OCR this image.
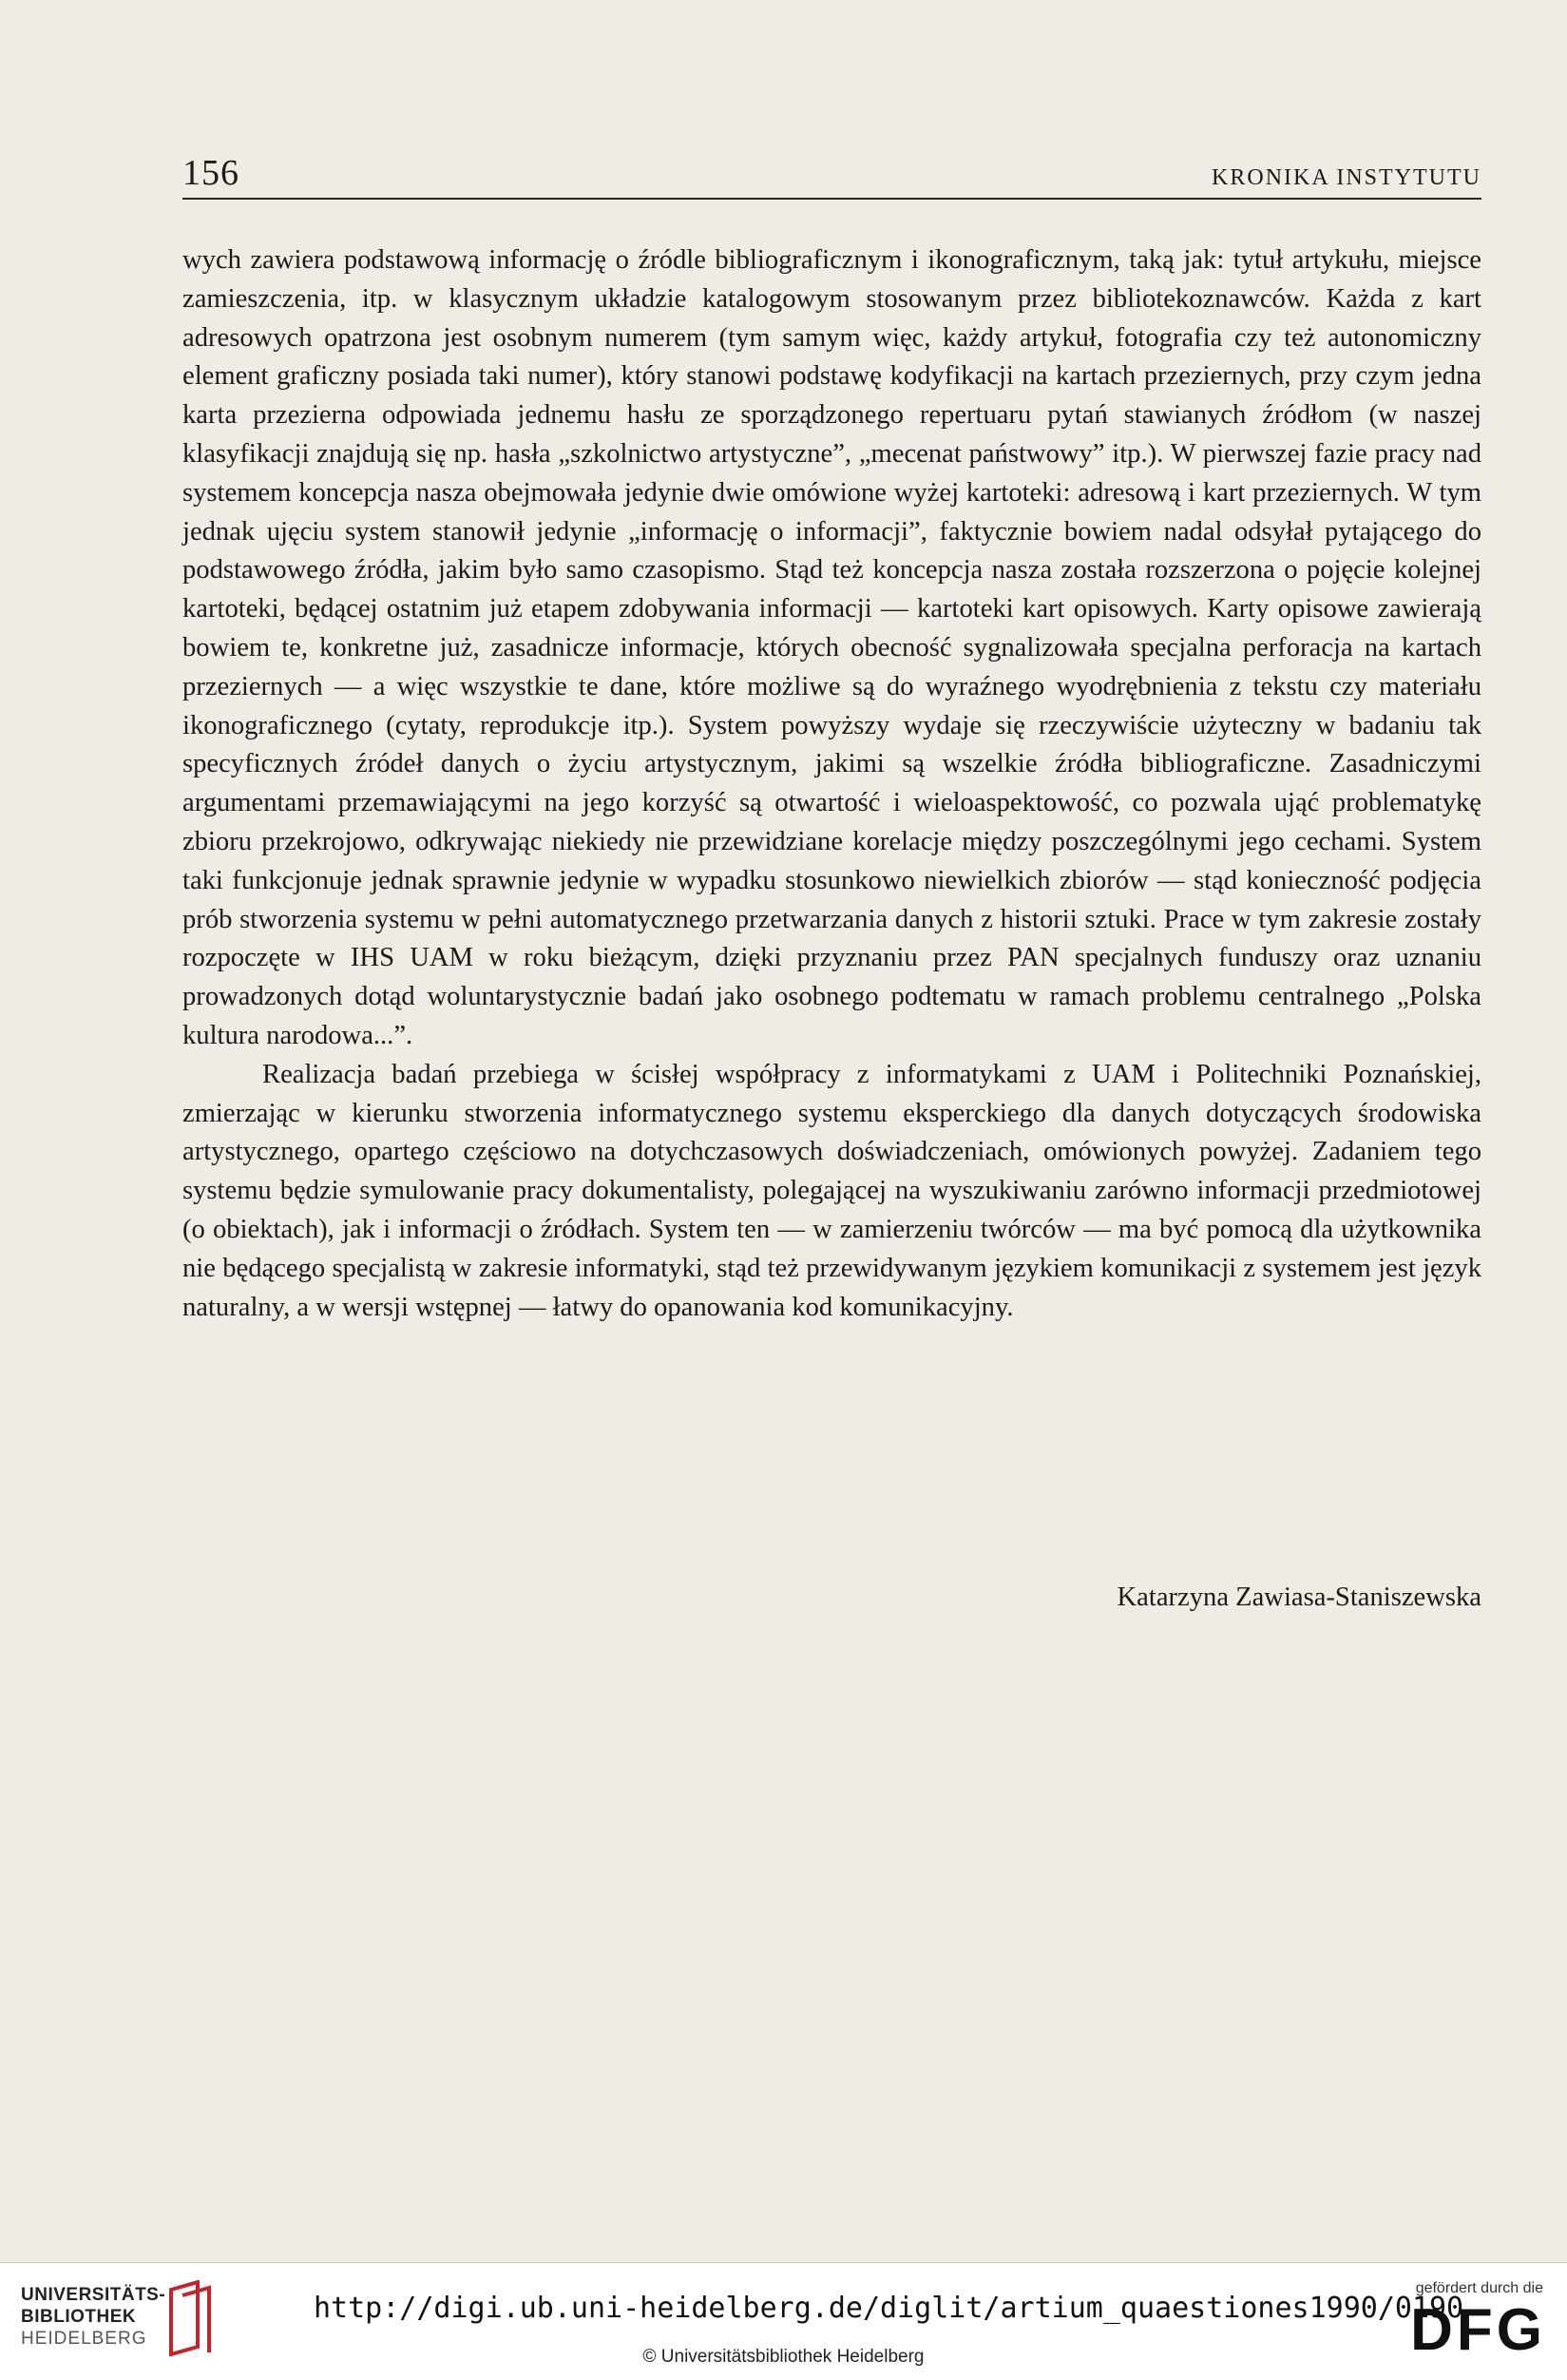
156	KRONIKA INSTYTUTU

wych zawiera podstawową informację o źródle bibliograficznym i ikonograficznym, taką jak: tytuł artykułu, miejsce zamieszczenia, itp. w klasycznym układzie katalogowym stosowanym przez bibliotekoznawców. Każda z kart adresowych opatrzona jest osobnym numerem (tym samym więc, każdy artykuł, fotografia czy też autonomiczny element graficzny posiada taki numer), który stanowi podstawę kodyfikacji na kartach przeziernych, przy czym jedna karta przezierna odpowiada jednemu hasłu ze sporządzonego repertuaru pytań stawianych źródłom (w naszej klasyfikacji znajdują się np. hasła „szkolnictwo artystyczne”, „mecenat państwowy” itp.). W pierwszej fazie pracy nad systemem koncepcja nasza obejmowała jedynie dwie omówione wyżej kartoteki: adresową i kart przeziernych. W tym jednak ujęciu system stanowił jedynie „informację o informacji”, faktycznie bowiem nadal odsyłał pytającego do podstawowego źródła, jakim było samo czasopismo. Stąd też koncepcja nasza została rozszerzona o pojęcie kolejnej kartoteki, będącej ostatnim już etapem zdobywania informacji — kartoteki kart opisowych. Karty opisowe zawierają bowiem te, konkretne już, zasadnicze informacje, których obecność sygnalizowała specjalna perforacja na kartach przeziernych — a więc wszystkie te dane, które możliwe są do wyraźnego wyodrębnienia z tekstu czy materiału ikonograficznego (cytaty, reprodukcje itp.). System powyższy wydaje się rzeczywiście użyteczny w badaniu tak specyficznych źródeł danych o życiu artystycznym, jakimi są wszelkie źródła bibliograficzne. Zasadniczymi argumentami przemawiającymi na jego korzyść są otwartość i wieloaspektowość, co pozwala ująć problematykę zbioru przekrojowo, odkrywając niekiedy nie przewidziane korelacje między poszczególnymi jego cechami. System taki funkcjonuje jednak sprawnie jedynie w wypadku stosunkowo niewielkich zbiorów — stąd konieczność podjęcia prób stworzenia systemu w pełni automatycznego przetwarzania danych z historii sztuki. Prace w tym zakresie zostały rozpoczęte w IHS UAM w roku bieżącym, dzięki przyznaniu przez PAN specjalnych funduszy oraz uznaniu prowadzonych dotąd woluntarystycznie badań jako osobnego podtematu w ramach problemu centralnego „Polska kultura narodowa...”.

Realizacja badań przebiega w ścisłej współpracy z informatykami z UAM i Politechniki Poznańskiej, zmierzając w kierunku stworzenia informatycznego systemu eksperckiego dla danych dotyczących środowiska artystycznego, opartego częściowo na dotychczasowych doświadczeniach, omówionych powyżej. Zadaniem tego systemu będzie symulowanie pracy dokumentalisty, polegającej na wyszukiwaniu zarówno informacji przedmiotowej (o obiektach), jak i informacji o źródłach. System ten — w zamierzeniu twórców — ma być pomocą dla użytkownika nie będącego specjalistą w zakresie informatyki, stąd też przewidywanym językiem komunikacji z systemem jest język naturalny, a w wersji wstępnej — łatwy do opanowania kod komunikacyjny.

Katarzyna Zawiasa-Staniszewska
UNIVERSITÄTS-
BIBLIOTHEK
HEIDELBERG
http://digi.ub.uni-heidelberg.de/diglit/artium_quaestiones1990/0190
© Universitätsbibliothek Heidelberg
gefördert durch die
DFG
